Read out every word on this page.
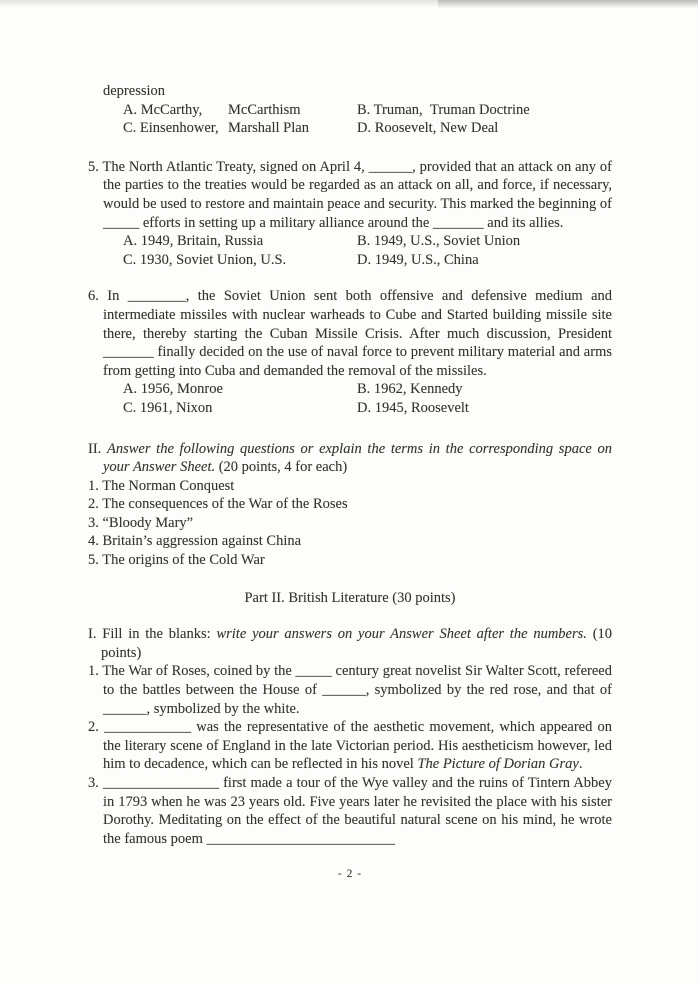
depression

A. McCarthy,	McCarthism	B. Truman, Truman Doctrine
C. Einsenhower, Marshall Plan	D. Roosevelt, New Deal

5. The North Atlantic Treaty, signed on April 4, ______, provided that an attack on any of the parties to the treaties would be regarded as an attack on all, and force, if necessary, would be used to restore and maintain peace and security. This marked the beginning of _____ efforts in setting up a military alliance around the _______ and its allies.

A. 1949, Britain, Russia	B. 1949, U.S., Soviet Union
C. 1930, Soviet Union, U.S.	D. 1949, U.S., China

6. In ________, the Soviet Union sent both offensive and defensive medium and intermediate missiles with nuclear warheads to Cube and Started building missile site there, thereby starting the Cuban Missile Crisis. After much discussion, President _______ finally decided on the use of naval force to prevent military material and arms from getting into Cuba and demanded the removal of the missiles.

A. 1956, Monroe	B. 1962, Kennedy
C. 1961, Nixon	D. 1945, Roosevelt

II. Answer the following questions or explain the terms in the corresponding space on your Answer Sheet. (20 points, 4 for each)

1. The Norman Conquest

2. The consequences of the War of the Roses

3. “Bloody Mary”

4. Britain’s aggression against China

5. The origins of the Cold War

Part II. British Literature (30 points)

I. Fill in the blanks: write your answers on your Answer Sheet after the numbers. (10 points)

1. The War of Roses, coined by the _____ century great novelist Sir Walter Scott, refereed to the battles between the House of ______, symbolized by the red rose, and that of ______, symbolized by the white.

2. ____________ was the representative of the aesthetic movement, which appeared on the literary scene of England in the late Victorian period. His aestheticism however, led him to decadence, which can be reflected in his novel The Picture of Dorian Gray.

3. ________________ first made a tour of the Wye valley and the ruins of Tintern Abbey in 1793 when he was 23 years old. Five years later he revisited the place with his sister Dorothy. Meditating on the effect of the beautiful natural scene on his mind, he wrote the famous poem __________________________

- 2 -
